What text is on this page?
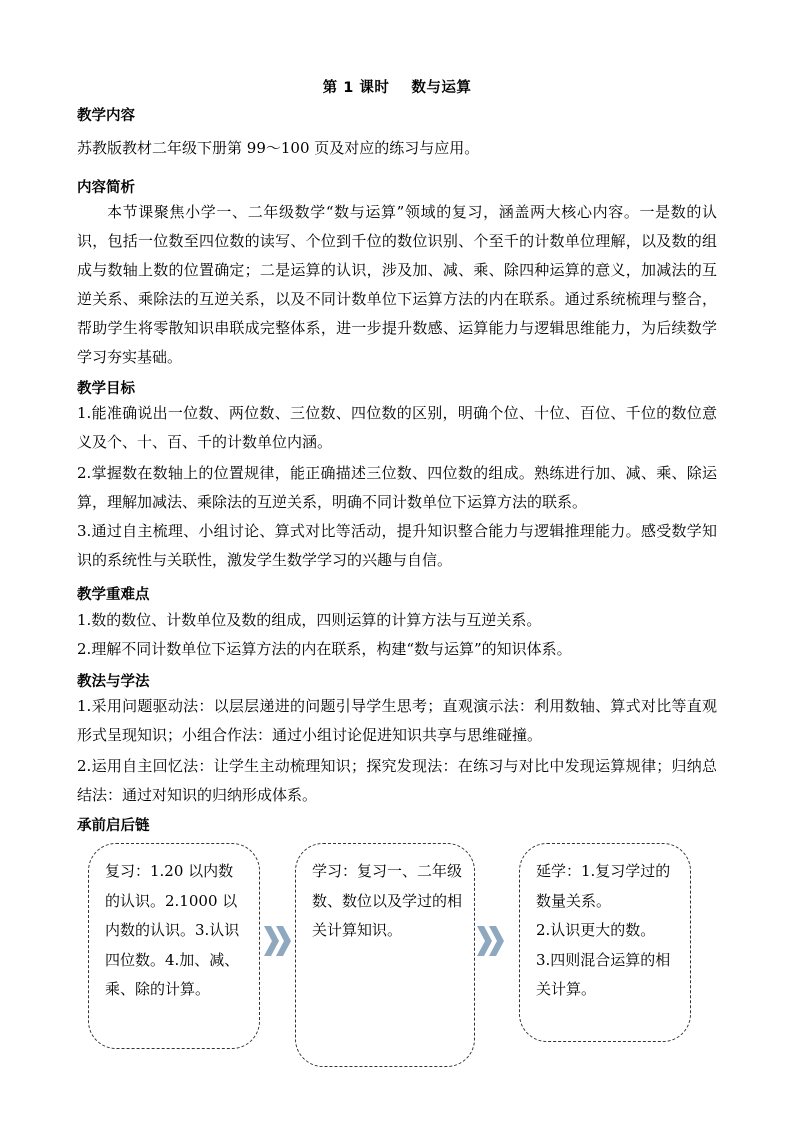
第 1 课时 数与运算
教学内容
苏教版教材二年级下册第 99～100 页及对应的练习与应用。
内容简析
本节课聚焦小学一、二年级数学“数与运算”领域的复习，涵盖两大核心内容。一是数的认识，包括一位数至四位数的读写、个位到千位的数位识别、个至千的计数单位理解，以及数的组成与数轴上数的位置确定；二是运算的认识，涉及加、减、乘、除四种运算的意义，加减法的互逆关系、乘除法的互逆关系，以及不同计数单位下运算方法的内在联系。通过系统梳理与整合，帮助学生将零散知识串联成完整体系，进一步提升数感、运算能力与逻辑思维能力，为后续数学学习夯实基础。
教学目标
1.能准确说出一位数、两位数、三位数、四位数的区别，明确个位、十位、百位、千位的数位意义及个、十、百、千的计数单位内涵。
2.掌握数在数轴上的位置规律，能正确描述三位数、四位数的组成。熟练进行加、减、乘、除运算，理解加减法、乘除法的互逆关系，明确不同计数单位下运算方法的联系。
3.通过自主梳理、小组讨论、算式对比等活动，提升知识整合能力与逻辑推理能力。感受数学知识的系统性与关联性，激发学生数学学习的兴趣与自信。
教学重难点
1.数的数位、计数单位及数的组成，四则运算的计算方法与互逆关系。
2.理解不同计数单位下运算方法的内在联系，构建“数与运算”的知识体系。
教法与学法
1.采用问题驱动法：以层层递进的问题引导学生思考；直观演示法：利用数轴、算式对比等直观形式呈现知识；小组合作法：通过小组讨论促进知识共享与思维碰撞。
2.运用自主回忆法：让学生主动梳理知识；探究发现法：在练习与对比中发现运算规律；归纳总结法：通过对知识的归纳形成体系。
承前启后链
复习：1.20 以内数的认识。2.1000 以内数的认识。3.认识四位数。4.加、减、乘、除的计算。
学习：复习一、二年级数、数位以及学过的相关计算知识。
延学：1.复习学过的数量关系。
2.认识更大的数。
3.四则混合运算的相关计算。
